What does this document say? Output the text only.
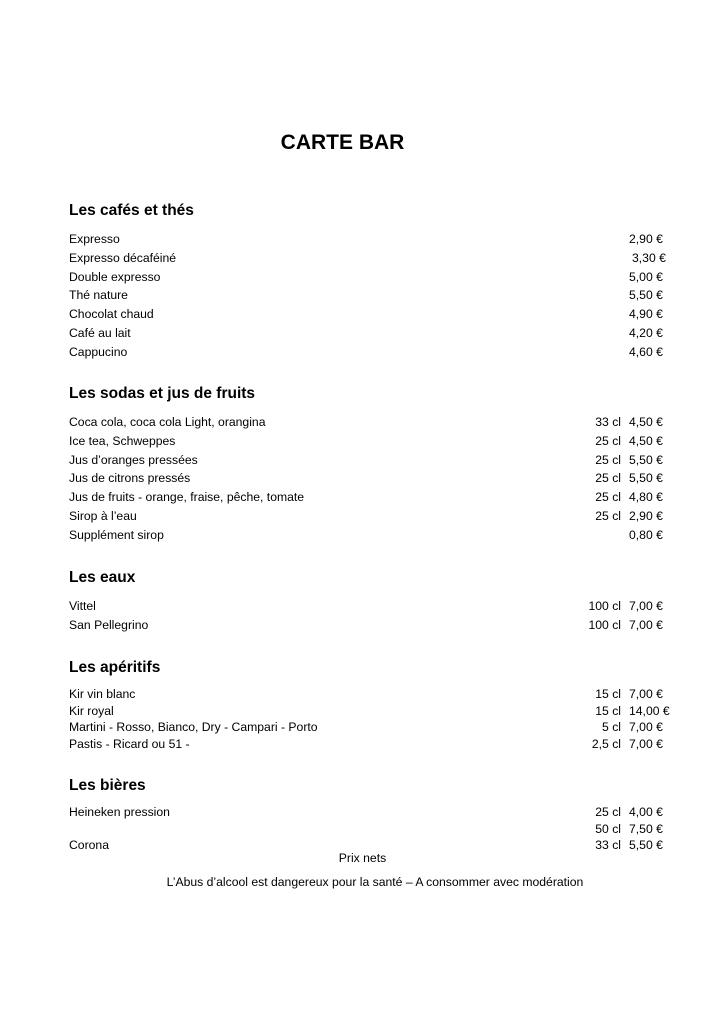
CARTE BAR
Les cafés et thés
Expresso	2,90 €
Expresso décaféiné	3,30 €
Double expresso	5,00 €
Thé nature	5,50 €
Chocolat chaud	4,90 €
Café au lait	4,20 €
Cappucino	4,60 €
Les sodas et jus de fruits
Coca cola, coca cola Light, orangina	33 cl 4,50 €
Ice tea, Schweppes	25 cl 4,50 €
Jus d’oranges pressées	25 cl 5,50 €
Jus de citrons pressés	25 cl 5,50 €
Jus de fruits - orange, fraise, pêche, tomate	25 cl 4,80 €
Sirop à l’eau	25 cl 2,90 €
Supplément sirop	0,80 €
Les eaux
Vittel	100 cl 7,00 €
San Pellegrino	100 cl 7,00 €
Les apéritifs
Kir vin blanc	15 cl 7,00 €
Kir royal	15 cl 14,00 €
Martini - Rosso, Bianco, Dry - Campari - Porto	5 cl 7,00 €
Pastis - Ricard ou 51 -	2,5 cl 7,00 €
Les bières
Heineken pression	25 cl 4,00 €
50 cl 7,50 €
Corona	33 cl 5,50 €

Prix nets

L’Abus d’alcool est dangereux pour la santé – A consommer avec modération
